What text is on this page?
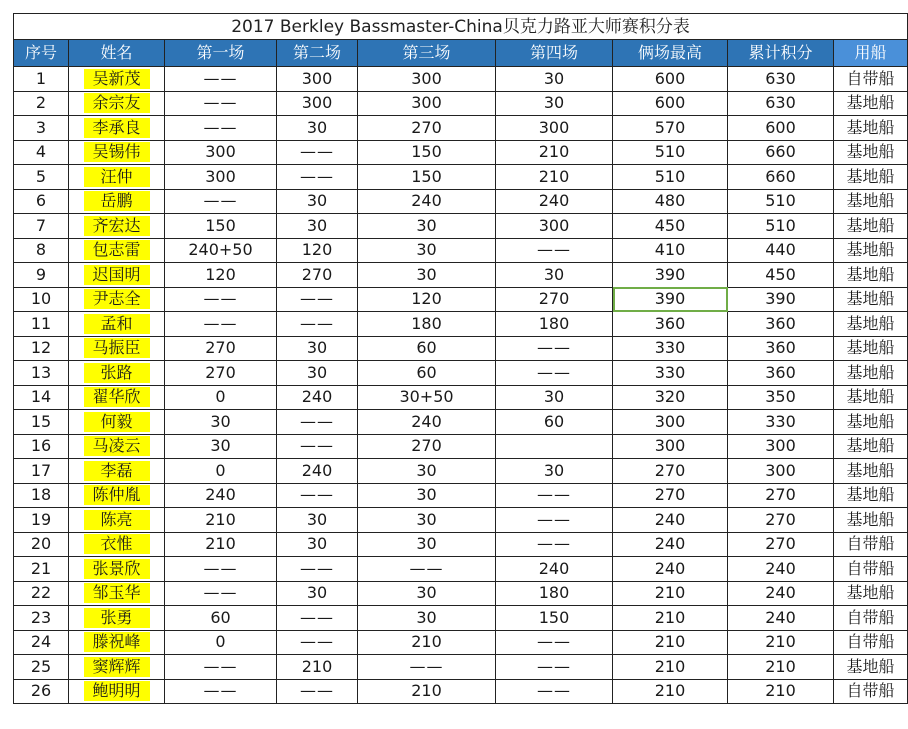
2017 Berkley Bassmaster-China贝克力路亚大师赛积分表								
序号	姓名	第一场	第二场	第三场	第四场	俩场最高	累计积分	用船
1	吴新茂	——	300	300	30	600	630	自带船
2	余宗友	——	300	300	30	600	630	基地船
3	李承良	——	30	270	300	570	600	基地船
4	吴锡伟	300	——	150	210	510	660	基地船
5	汪仲	300	——	150	210	510	660	基地船
6	岳鹏	——	30	240	240	480	510	基地船
7	齐宏达	150	30	30	300	450	510	基地船
8	包志雷	240+50	120	30	——	410	440	基地船
9	迟国明	120	270	30	30	390	450	基地船
10	尹志全	——	——	120	270	390	390	基地船
11	孟和	——	——	180	180	360	360	基地船
12	马振臣	270	30	60	——	330	360	基地船
13	张路	270	30	60	——	330	360	基地船
14	翟华欣	0	240	30+50	30	320	350	基地船
15	何毅	30	——	240	60	300	330	基地船
16	马凌云	30	——	270		300	300	基地船
17	李磊	0	240	30	30	270	300	基地船
18	陈仲胤	240	——	30	——	270	270	基地船
19	陈亮	210	30	30	——	240	270	基地船
20	衣惟	210	30	30	——	240	270	自带船
21	张景欣	——	——	——	240	240	240	自带船
22	邹玉华	——	30	30	180	210	240	基地船
23	张勇	60	——	30	150	210	240	自带船
24	滕祝峰	0	——	210	——	210	210	自带船
25	窦辉辉	——	210	——	——	210	210	基地船
26	鲍明明	——	——	210	——	210	210	自带船
